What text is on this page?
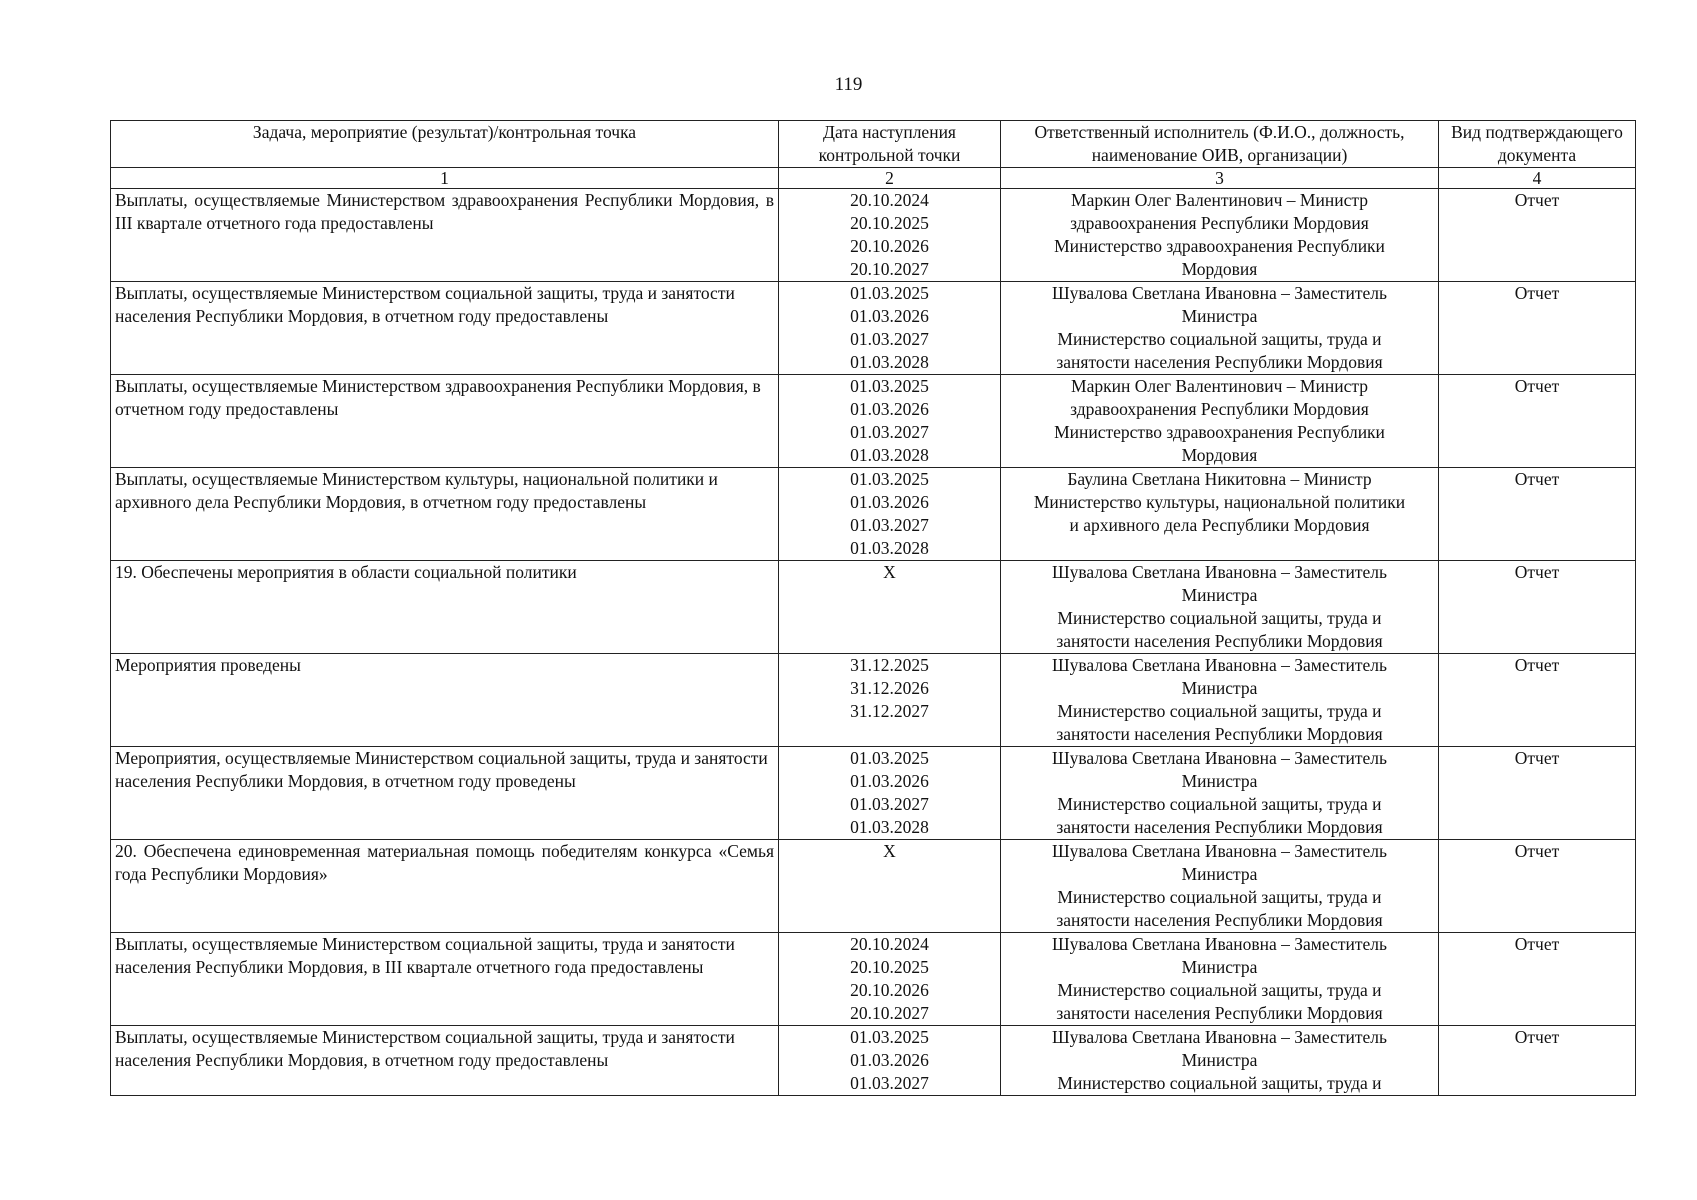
119
Задача, мероприятие (результат)/контрольная точка	Дата наступления контрольной точки	Ответственный исполнитель (Ф.И.О., должность, наименование ОИВ, организации)	Вид подтверждающего документа
1	2	3	4
Выплаты, осуществляемые Министерством здравоохранения Республики Мордовия, в III квартале отчетного года предоставлены	20.10.2024
20.10.2025
20.10.2026
20.10.2027	Маркин Олег Валентинович – Министр
здравоохранения Республики Мордовия
Министерство здравоохранения Республики
Мордовия	Отчет
Выплаты, осуществляемые Министерством социальной защиты, труда и занятости населения Республики Мордовия, в отчетном году предоставлены	01.03.2025
01.03.2026
01.03.2027
01.03.2028	Шувалова Светлана Ивановна – Заместитель
Министра
Министерство социальной защиты, труда и
занятости населения Республики Мордовия	Отчет
Выплаты, осуществляемые Министерством здравоохранения Республики Мордовия, в отчетном году предоставлены	01.03.2025
01.03.2026
01.03.2027
01.03.2028	Маркин Олег Валентинович – Министр
здравоохранения Республики Мордовия
Министерство здравоохранения Республики
Мордовия	Отчет
Выплаты, осуществляемые Министерством культуры, национальной политики и архивного дела Республики Мордовия, в отчетном году предоставлены	01.03.2025
01.03.2026
01.03.2027
01.03.2028	Баулина Светлана Никитовна – Министр
Министерство культуры, национальной политики
и архивного дела Республики Мордовия	Отчет
19. Обеспечены мероприятия в области социальной политики	X	Шувалова Светлана Ивановна – Заместитель
Министра
Министерство социальной защиты, труда и
занятости населения Республики Мордовия	Отчет
Мероприятия проведены	31.12.2025
31.12.2026
31.12.2027	Шувалова Светлана Ивановна – Заместитель
Министра
Министерство социальной защиты, труда и
занятости населения Республики Мордовия	Отчет
Мероприятия, осуществляемые Министерством социальной защиты, труда и занятости населения Республики Мордовия, в отчетном году проведены	01.03.2025
01.03.2026
01.03.2027
01.03.2028	Шувалова Светлана Ивановна – Заместитель
Министра
Министерство социальной защиты, труда и
занятости населения Республики Мордовия	Отчет
20. Обеспечена единовременная материальная помощь победителям конкурса «Семья года Республики Мордовия»	X	Шувалова Светлана Ивановна – Заместитель
Министра
Министерство социальной защиты, труда и
занятости населения Республики Мордовия	Отчет
Выплаты, осуществляемые Министерством социальной защиты, труда и занятости населения Республики Мордовия, в III квартале отчетного года предоставлены	20.10.2024
20.10.2025
20.10.2026
20.10.2027	Шувалова Светлана Ивановна – Заместитель
Министра
Министерство социальной защиты, труда и
занятости населения Республики Мордовия	Отчет
Выплаты, осуществляемые Министерством социальной защиты, труда и занятости населения Республики Мордовия, в отчетном году предоставлены	01.03.2025
01.03.2026
01.03.2027	Шувалова Светлана Ивановна – Заместитель
Министра
Министерство социальной защиты, труда и	Отчет
